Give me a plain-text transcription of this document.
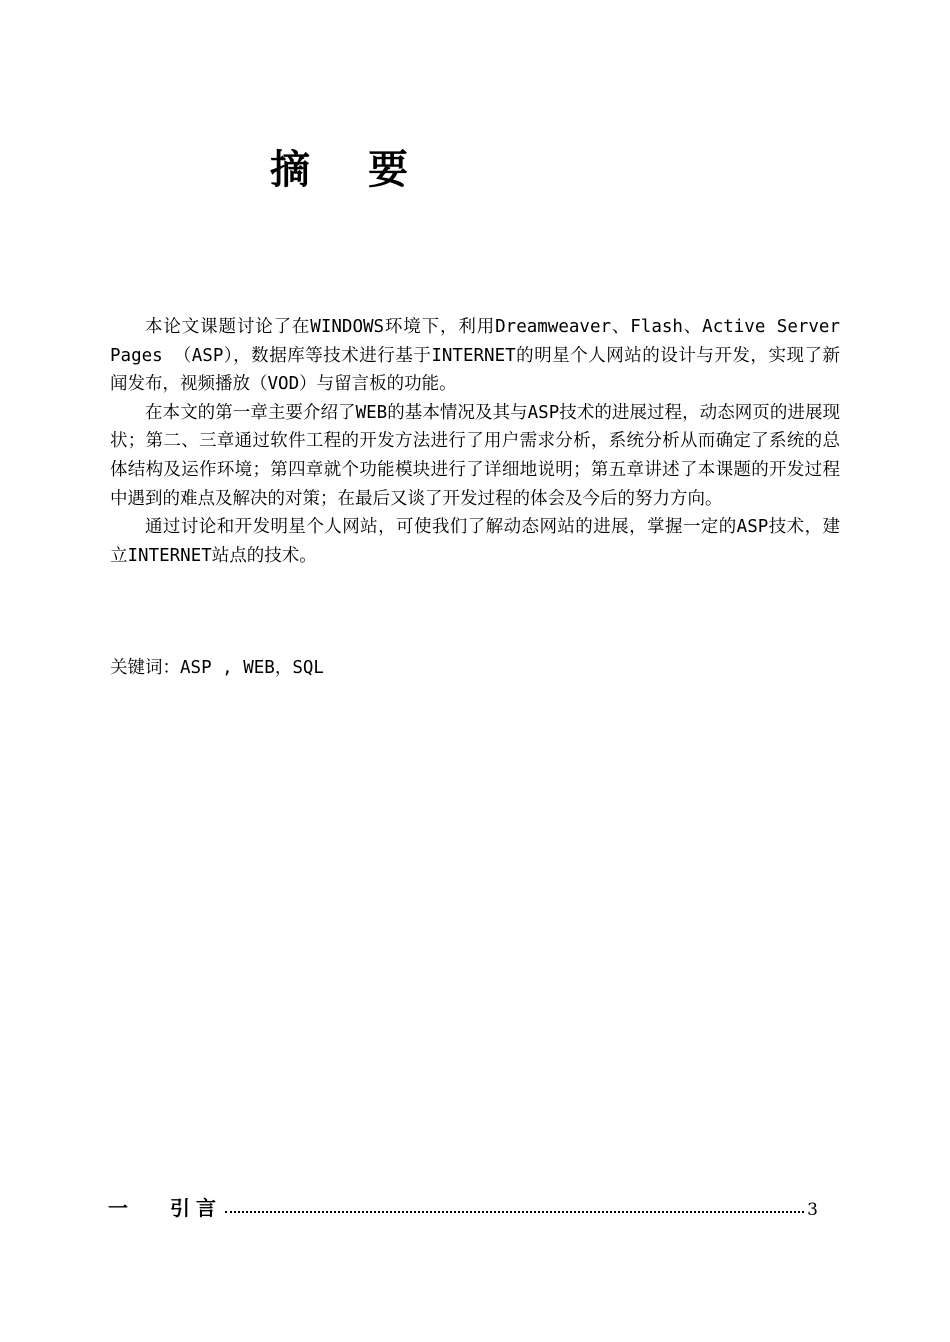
摘 要

本论文课题讨论了在WINDOWS环境下，利用Dreamweaver、Flash、Active Server Pages （ASP），数据库等技术进行基于INTERNET的明星个人网站的设计与开发，实现了新闻发布，视频播放（VOD）与留言板的功能。

在本文的第一章主要介绍了WEB的基本情况及其与ASP技术的进展过程，动态网页的进展现状；第二、三章通过软件工程的开发方法进行了用户需求分析，系统分析从而确定了系统的总体结构及运作环境；第四章就个功能模块进行了详细地说明；第五章讲述了本课题的开发过程中遇到的难点及解决的对策；在最后又谈了开发过程的体会及今后的努力方向。

通过讨论和开发明星个人网站，可使我们了解动态网站的进展，掌握一定的ASP技术，建立INTERNET站点的技术。

关键词：ASP , WEB，SQL
一	引言	3
